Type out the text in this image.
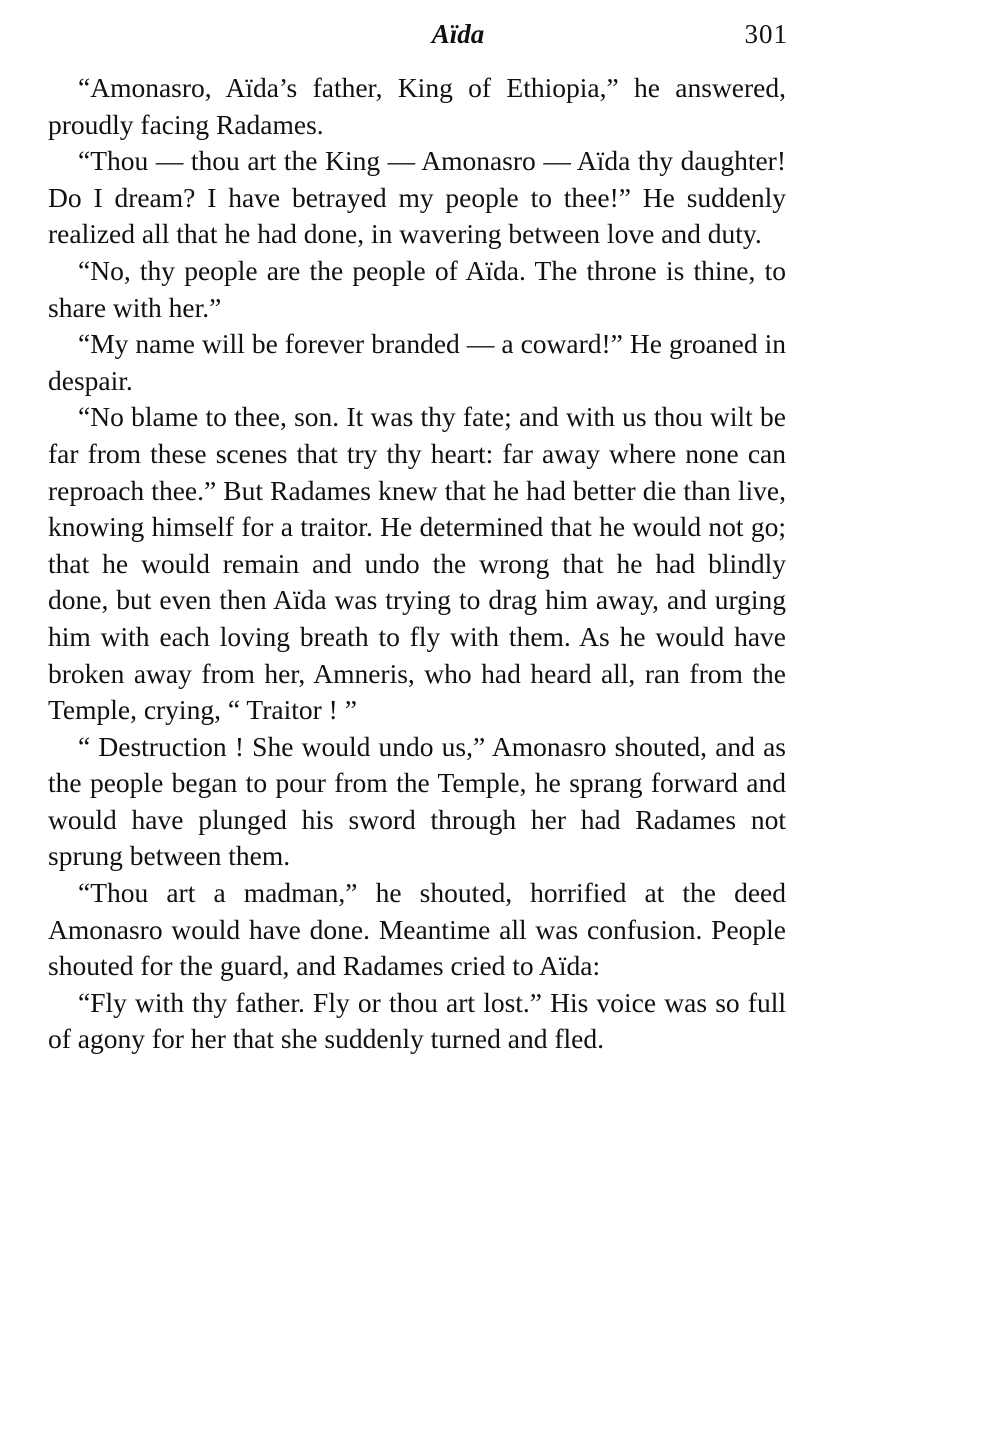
Aïda	301

“Amonasro, Aïda’s father, King of Ethiopia,” he answered, proudly facing Radames.

“Thou — thou art the King — Amonasro — Aïda thy daughter! Do I dream? I have betrayed my people to thee!” He suddenly realized all that he had done, in wavering between love and duty.

“No, thy people are the people of Aïda. The throne is thine, to share with her.”

“My name will be forever branded — a coward!” He groaned in despair.

“No blame to thee, son. It was thy fate; and with us thou wilt be far from these scenes that try thy heart: far away where none can reproach thee.” But Radames knew that he had better die than live, knowing himself for a traitor. He determined that he would not go; that he would remain and undo the wrong that he had blindly done, but even then Aïda was trying to drag him away, and urging him with each loving breath to fly with them. As he would have broken away from her, Amneris, who had heard all, ran from the Temple, crying, “ Traitor ! ”

“ Destruction ! She would undo us,” Amonasro shouted, and as the people began to pour from the Temple, he sprang forward and would have plunged his sword through her had Radames not sprung between them.

“Thou art a madman,” he shouted, horrified at the deed Amonasro would have done. Meantime all was confusion. People shouted for the guard, and Radames cried to Aïda:

“Fly with thy father. Fly or thou art lost.” His voice was so full of agony for her that she suddenly turned and fled.
